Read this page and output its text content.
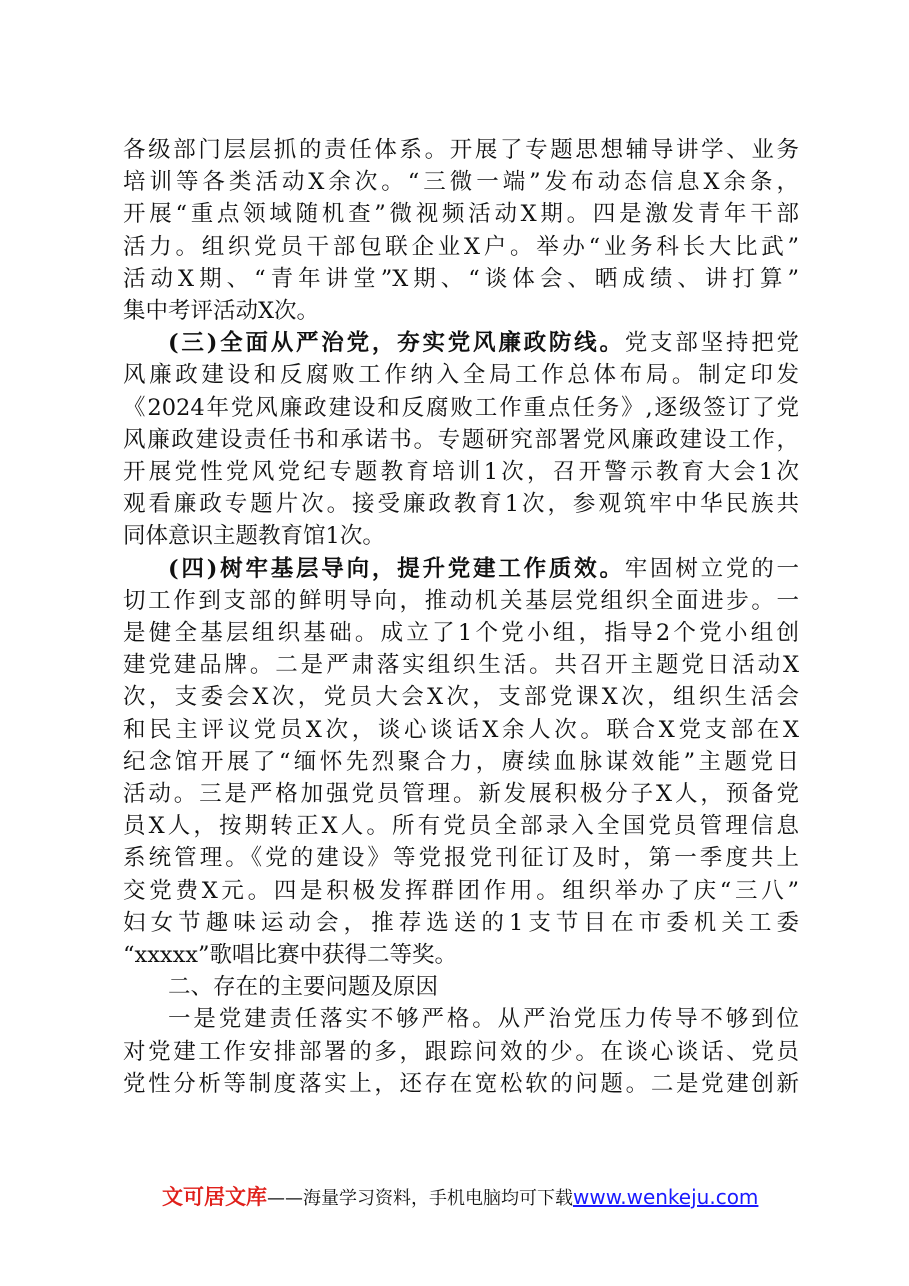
各级部门层层抓的责任体系。开展了专题思想辅导讲学、业务
培训等各类活动X余次。“三微一端”发布动态信息X余条，
开展“重点领域随机查”微视频活动X期。四是激发青年干部
活力。组织党员干部包联企业X户。举办“业务科长大比武”
活动X期、“青年讲堂”X期、“谈体会、晒成绩、讲打算”
集中考评活动X次。
(三)全面从严治党，夯实党风廉政防线。党支部坚持把党
风廉政建设和反腐败工作纳入全局工作总体布局。制定印发
《2024年党风廉政建设和反腐败工作重点任务》,逐级签订了党
风廉政建设责任书和承诺书。专题研究部署党风廉政建设工作，
开展党性党风党纪专题教育培训1次，召开警示教育大会1次
观看廉政专题片次。接受廉政教育1次，参观筑牢中华民族共
同体意识主题教育馆1次。
(四)树牢基层导向，提升党建工作质效。牢固树立党的一
切工作到支部的鲜明导向，推动机关基层党组织全面进步。一
是健全基层组织基础。成立了1个党小组，指导2个党小组创
建党建品牌。二是严肃落实组织生活。共召开主题党日活动X
次，支委会X次，党员大会X次，支部党课X次，组织生活会
和民主评议党员X次，谈心谈话X余人次。联合X党支部在X
纪念馆开展了“缅怀先烈聚合力，赓续血脉谋效能”主题党日
活动。三是严格加强党员管理。新发展积极分子X人，预备党
员X人，按期转正X人。所有党员全部录入全国党员管理信息
系统管理。《党的建设》等党报党刊征订及时，第一季度共上
交党费X元。四是积极发挥群团作用。组织举办了庆“三八”
妇女节趣味运动会，推荐选送的1支节目在市委机关工委
“xxxxx”歌唱比赛中获得二等奖。
二、存在的主要问题及原因
一是党建责任落实不够严格。从严治党压力传导不够到位
对党建工作安排部署的多，跟踪问效的少。在谈心谈话、党员
党性分析等制度落实上，还存在宽松软的问题。二是党建创新
文可居文库——海量学习资料，手机电脑均可下载www.wenkeju.com
